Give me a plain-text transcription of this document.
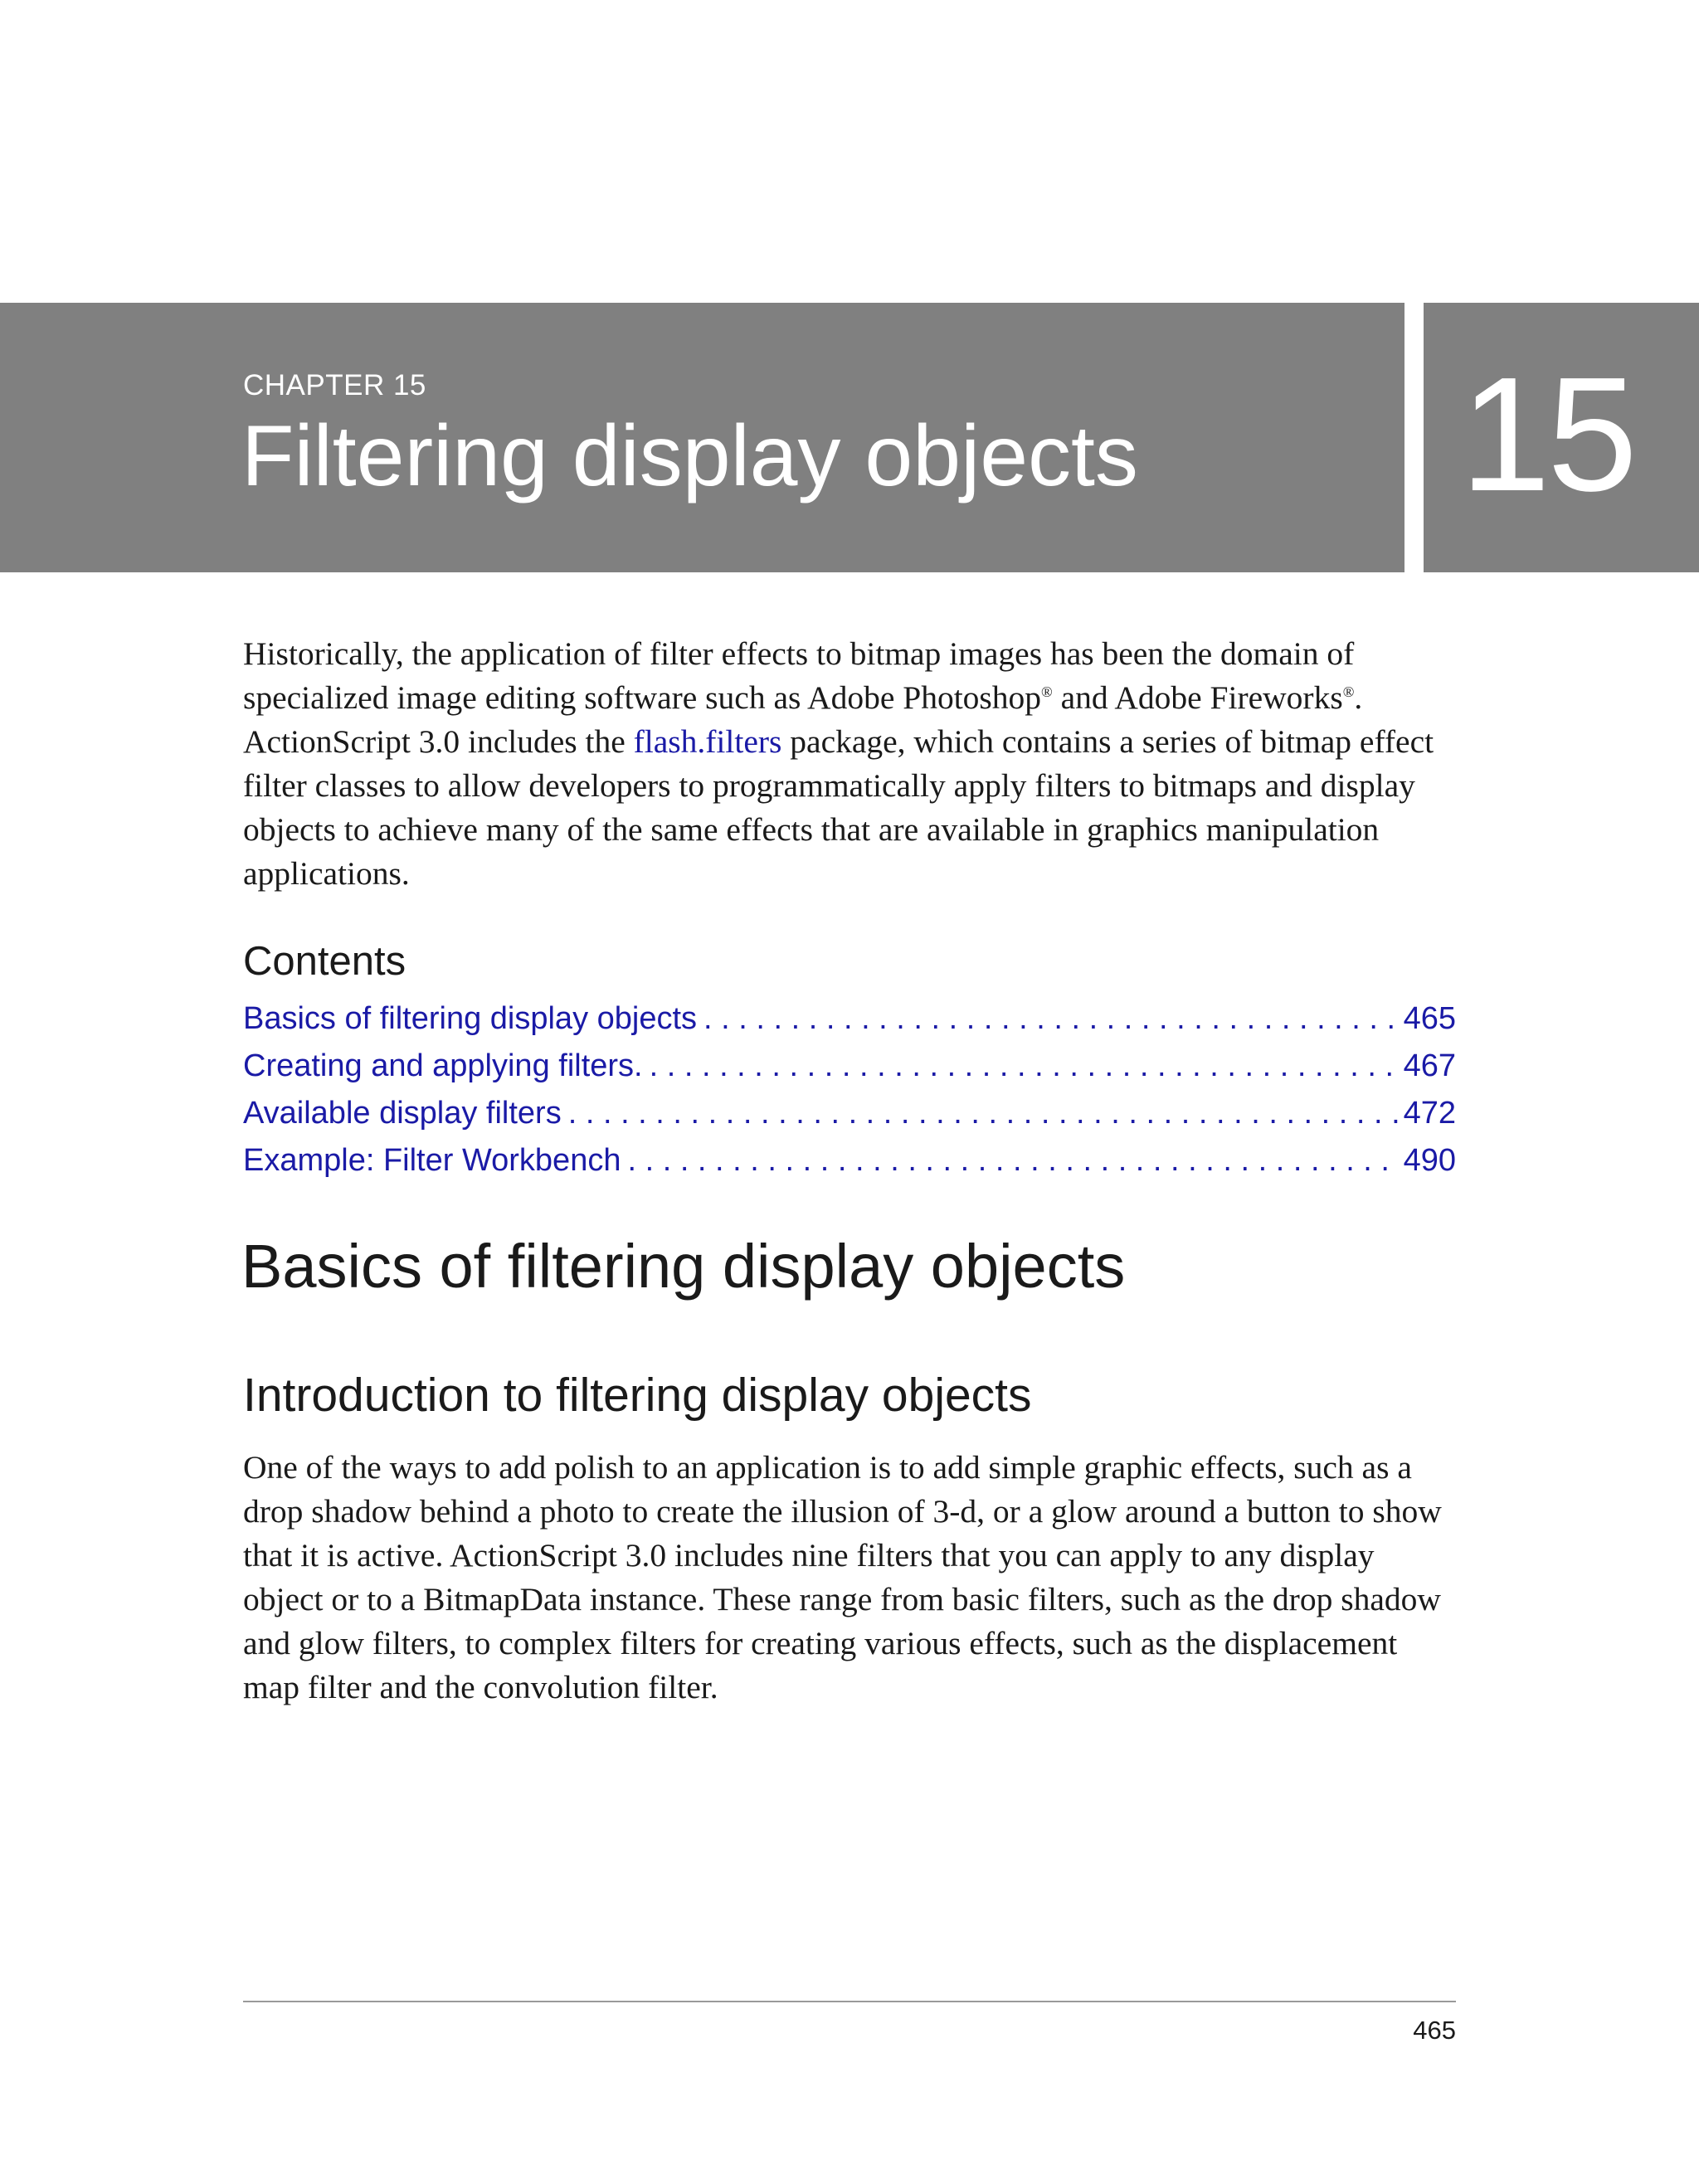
CHAPTER 15
Filtering display objects 15

Historically, the application of filter effects to bitmap images has been the domain of specialized image editing software such as Adobe Photoshop® and Adobe Fireworks®. ActionScript 3.0 includes the flash.filters package, which contains a series of bitmap effect filter classes to allow developers to programmatically apply filters to bitmaps and display objects to achieve many of the same effects that are available in graphics manipulation applications.

Contents
Basics of filtering display objects . . .	465
Creating and applying filters. . . .	467
Available display filters . . .	472
Example: Filter Workbench . . .	490
Basics of filtering display objects
Introduction to filtering display objects

One of the ways to add polish to an application is to add simple graphic effects, such as a drop shadow behind a photo to create the illusion of 3-d, or a glow around a button to show that it is active. ActionScript 3.0 includes nine filters that you can apply to any display object or to a BitmapData instance. These range from basic filters, such as the drop shadow and glow filters, to complex filters for creating various effects, such as the displacement map filter and the convolution filter.

465
